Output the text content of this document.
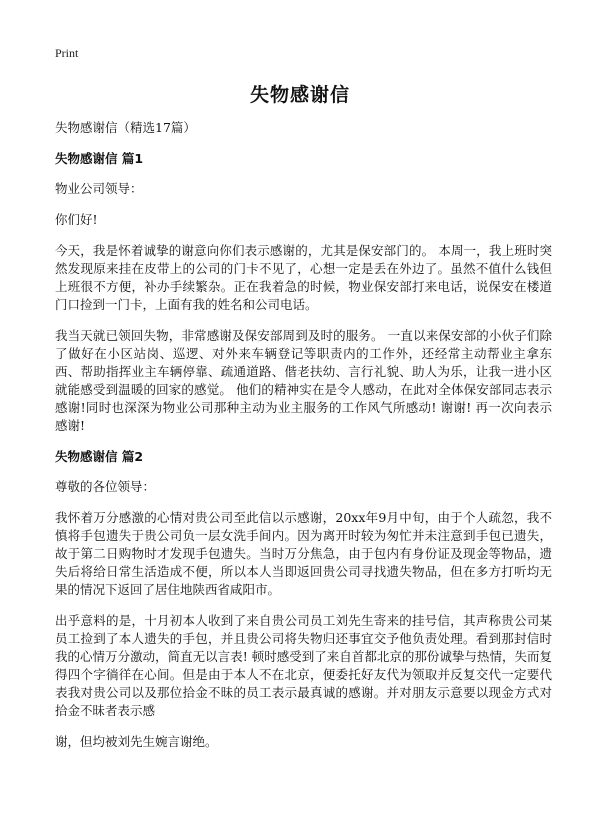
Print
失物感谢信

失物感谢信（精选17篇）

失物感谢信 篇1

物业公司领导：

你们好!

今天，我是怀着诚挚的谢意向你们表示感谢的，尤其是保安部门的。 本周一，我上班时突然发现原来挂在皮带上的公司的门卡不见了，心想一定是丢在外边了。虽然不值什么钱但上班很不方便，补办手续繁杂。正在我着急的时候，物业保安部打来电话，说保安在楼道门口捡到一门卡，上面有我的姓名和公司电话。

我当天就已领回失物，非常感谢及保安部周到及时的服务。 一直以来保安部的小伙子们除了做好在小区站岗、巡逻、对外来车辆登记等职责内的工作外，还经常主动帮业主拿东西、帮助指挥业主车辆停靠、疏通道路、偕老扶幼、言行礼貌、助人为乐，让我一进小区就能感受到温暖的回家的感觉。 他们的精神实在是令人感动，在此对全体保安部同志表示感谢!同时也深深为物业公司那种主动为业主服务的工作风气所感动! 谢谢! 再一次向表示感谢!

失物感谢信 篇2

尊敬的各位领导：

我怀着万分感激的心情对贵公司至此信以示感谢，20xx年9月中旬，由于个人疏忽，我不慎将手包遗失于贵公司负一层女洗手间内。因为离开时较为匆忙并未注意到手包已遗失，故于第二日购物时才发现手包遗失。当时万分焦急，由于包内有身份证及现金等物品，遗失后将给日常生活造成不便，所以本人当即返回贵公司寻找遗失物品，但在多方打听均无果的情况下返回了居住地陕西省咸阳市。

出乎意料的是，十月初本人收到了来自贵公司员工刘先生寄来的挂号信，其声称贵公司某员工捡到了本人遗失的手包，并且贵公司将失物归还事宜交予他负责处理。看到那封信时我的心情万分激动，简直无以言表! 顿时感受到了来自首都北京的那份诚挚与热情，失而复得四个字徜徉在心间。但是由于本人不在北京，便委托好友代为领取并反复交代一定要代表我对贵公司以及那位拾金不昧的员工表示最真诚的感谢。并对朋友示意要以现金方式对拾金不昧者表示感

谢，但均被刘先生婉言谢绝。
